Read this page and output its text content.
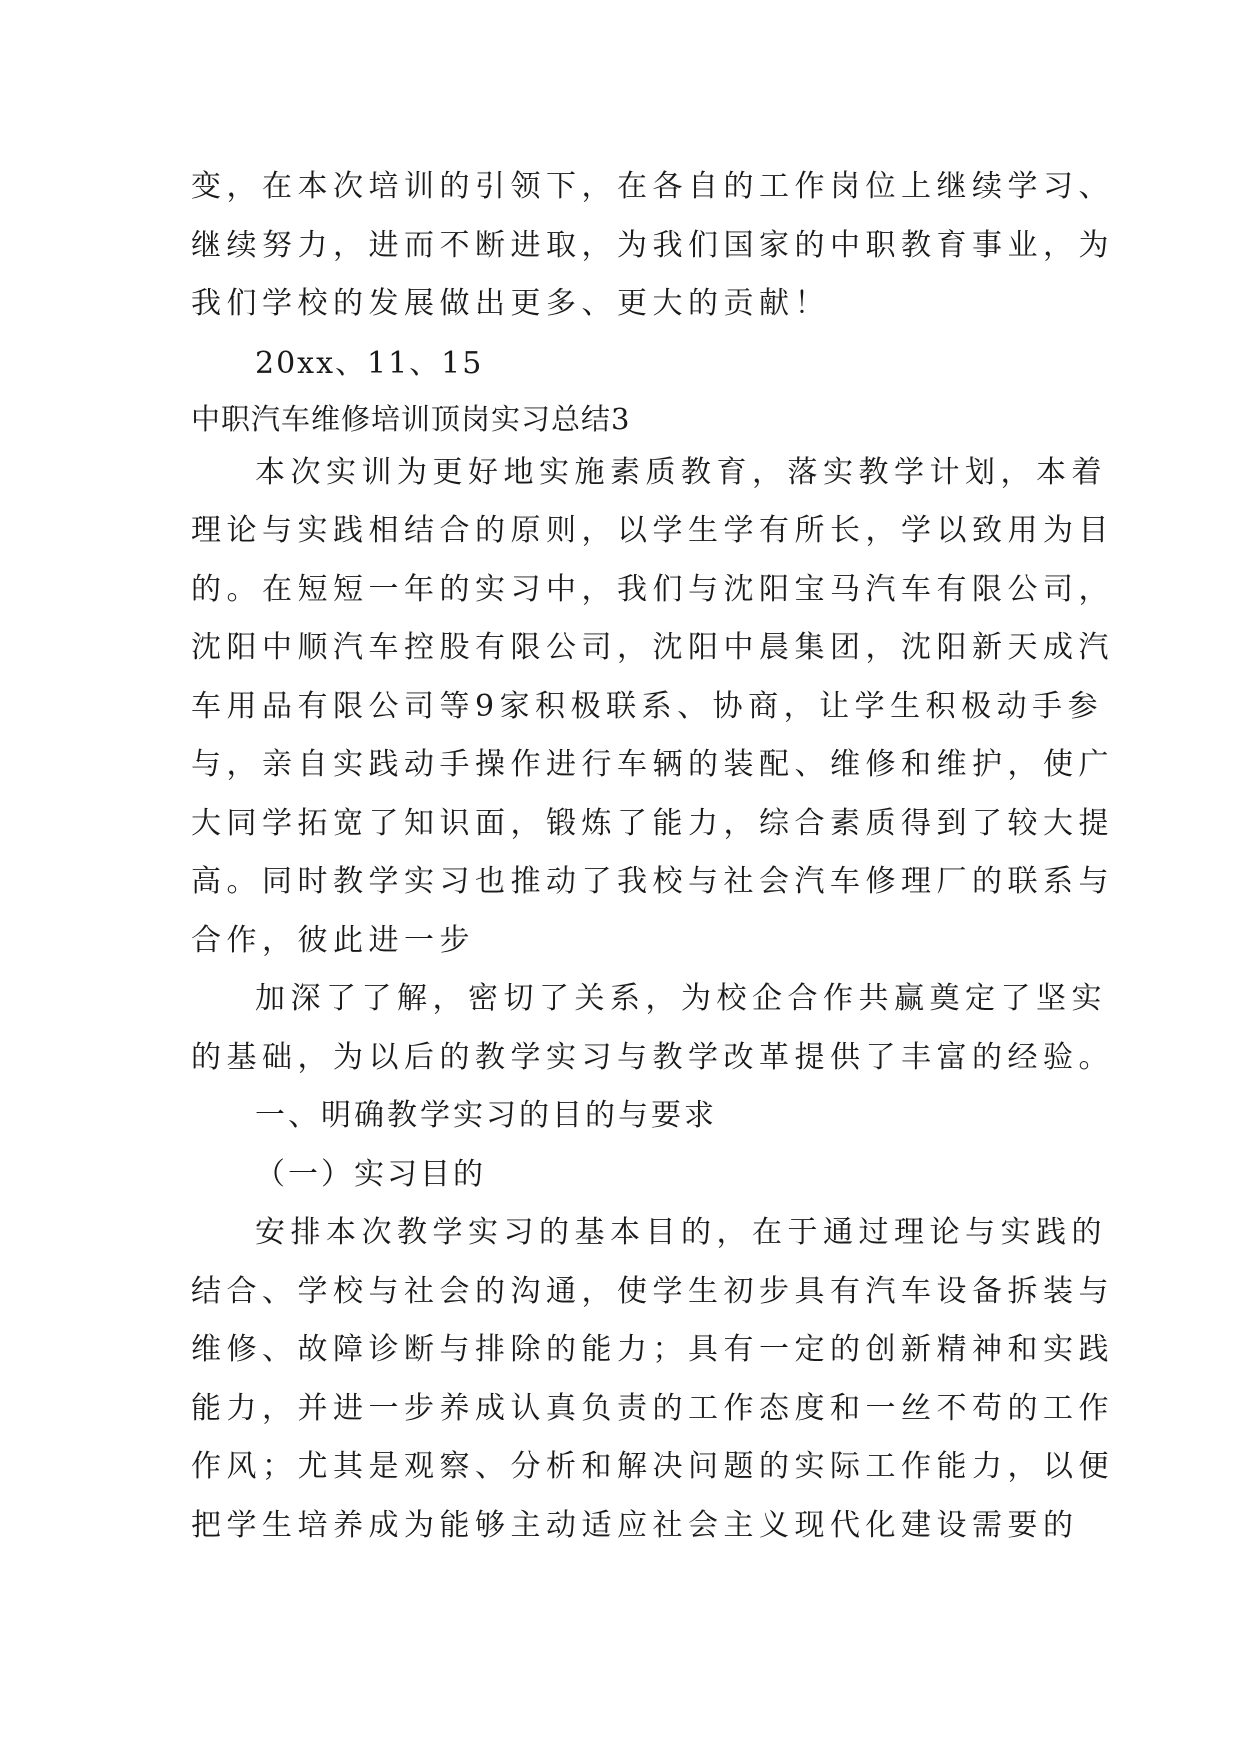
变，在本次培训的引领下，在各自的工作岗位上继续学习、
继续努力，进而不断进取，为我们国家的中职教育事业，为
我们学校的发展做出更多、更大的贡献！
20xx、11、15
中职汽车维修培训顶岗实习总结3
本次实训为更好地实施素质教育，落实教学计划，本着
理论与实践相结合的原则，以学生学有所长，学以致用为目
的。在短短一年的实习中，我们与沈阳宝马汽车有限公司，
沈阳中顺汽车控股有限公司，沈阳中晨集团，沈阳新天成汽
车用品有限公司等9家积极联系、协商，让学生积极动手参
与，亲自实践动手操作进行车辆的装配、维修和维护，使广
大同学拓宽了知识面，锻炼了能力，综合素质得到了较大提
高。同时教学实习也推动了我校与社会汽车修理厂的联系与
合作，彼此进一步
加深了了解，密切了关系，为校企合作共赢奠定了坚实
的基础，为以后的教学实习与教学改革提供了丰富的经验。
一、明确教学实习的目的与要求
（一）实习目的
安排本次教学实习的基本目的，在于通过理论与实践的
结合、学校与社会的沟通，使学生初步具有汽车设备拆装与
维修、故障诊断与排除的能力；具有一定的创新精神和实践
能力，并进一步养成认真负责的工作态度和一丝不苟的工作
作风；尤其是观察、分析和解决问题的实际工作能力，以便
把学生培养成为能够主动适应社会主义现代化建设需要的
